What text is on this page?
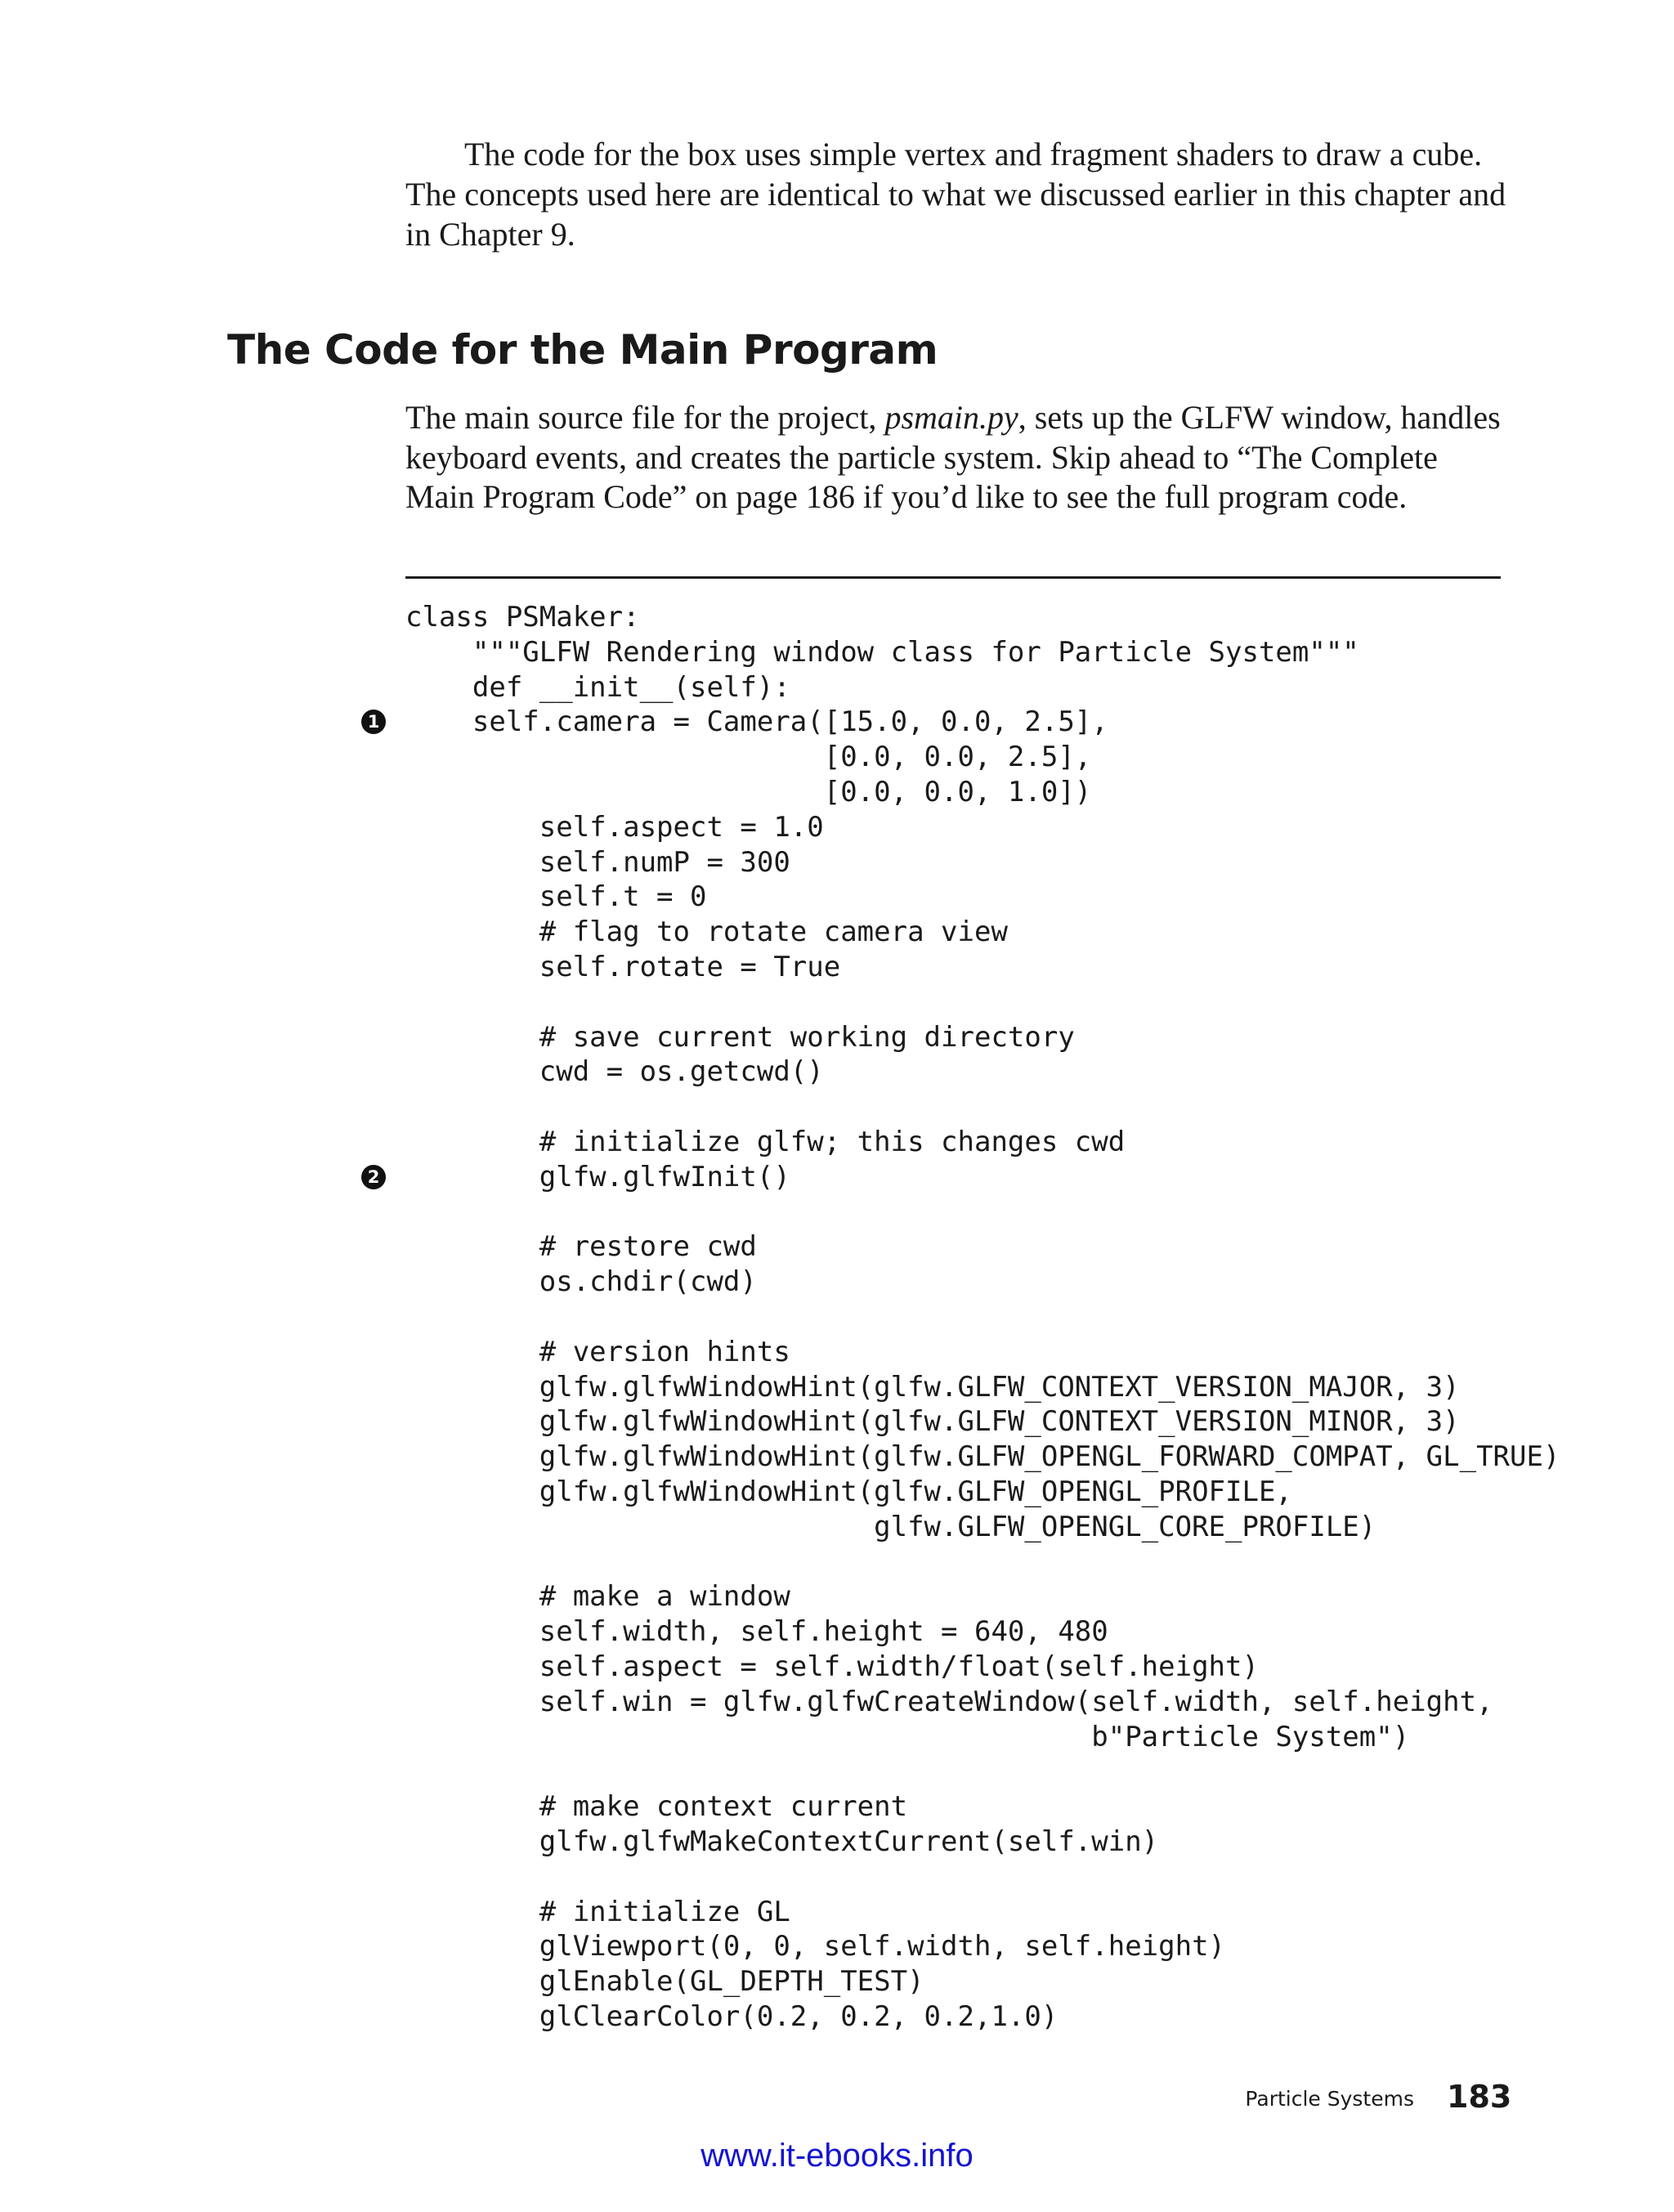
The code for the box uses simple vertex and fragment shaders to draw a cube. The concepts used here are identical to what we discussed earlier in this chapter and in Chapter 9.

The Code for the Main Program

The main source file for the project, psmain.py, sets up the GLFW window, handles keyboard events, and creates the particle system. Skip ahead to “The Complete Main Program Code” on page 186 if you’d like to see the full program code.

class PSMaker:
"""GLFW Rendering window class for Particle System"""
def __init__(self):
self.camera = Camera([15.0, 0.0, 2.5],
[0.0, 0.0, 2.5],
[0.0, 0.0, 1.0])
self.aspect = 1.0
self.numP = 300
self.t = 0
# flag to rotate camera view
self.rotate = True
# save current working directory
cwd = os.getcwd()
# initialize glfw; this changes cwd
glfw.glfwInit()
# restore cwd
os.chdir(cwd)
# version hints
glfw.glfwWindowHint(glfw.GLFW_CONTEXT_VERSION_MAJOR, 3)
glfw.glfwWindowHint(glfw.GLFW_CONTEXT_VERSION_MINOR, 3)
glfw.glfwWindowHint(glfw.GLFW_OPENGL_FORWARD_COMPAT, GL_TRUE)
glfw.glfwWindowHint(glfw.GLFW_OPENGL_PROFILE,
glfw.GLFW_OPENGL_CORE_PROFILE)
# make a window
self.width, self.height = 640, 480
self.aspect = self.width/float(self.height)
self.win = glfw.glfwCreateWindow(self.width, self.height,
b"Particle System")
# make context current
glfw.glfwMakeContextCurrent(self.win)
# initialize GL
glViewport(0, 0, self.width, self.height)
glEnable(GL_DEPTH_TEST)
glClearColor(0.2, 0.2, 0.2,1.0)
1
2
Particle Systems 183
www.it-ebooks.info
